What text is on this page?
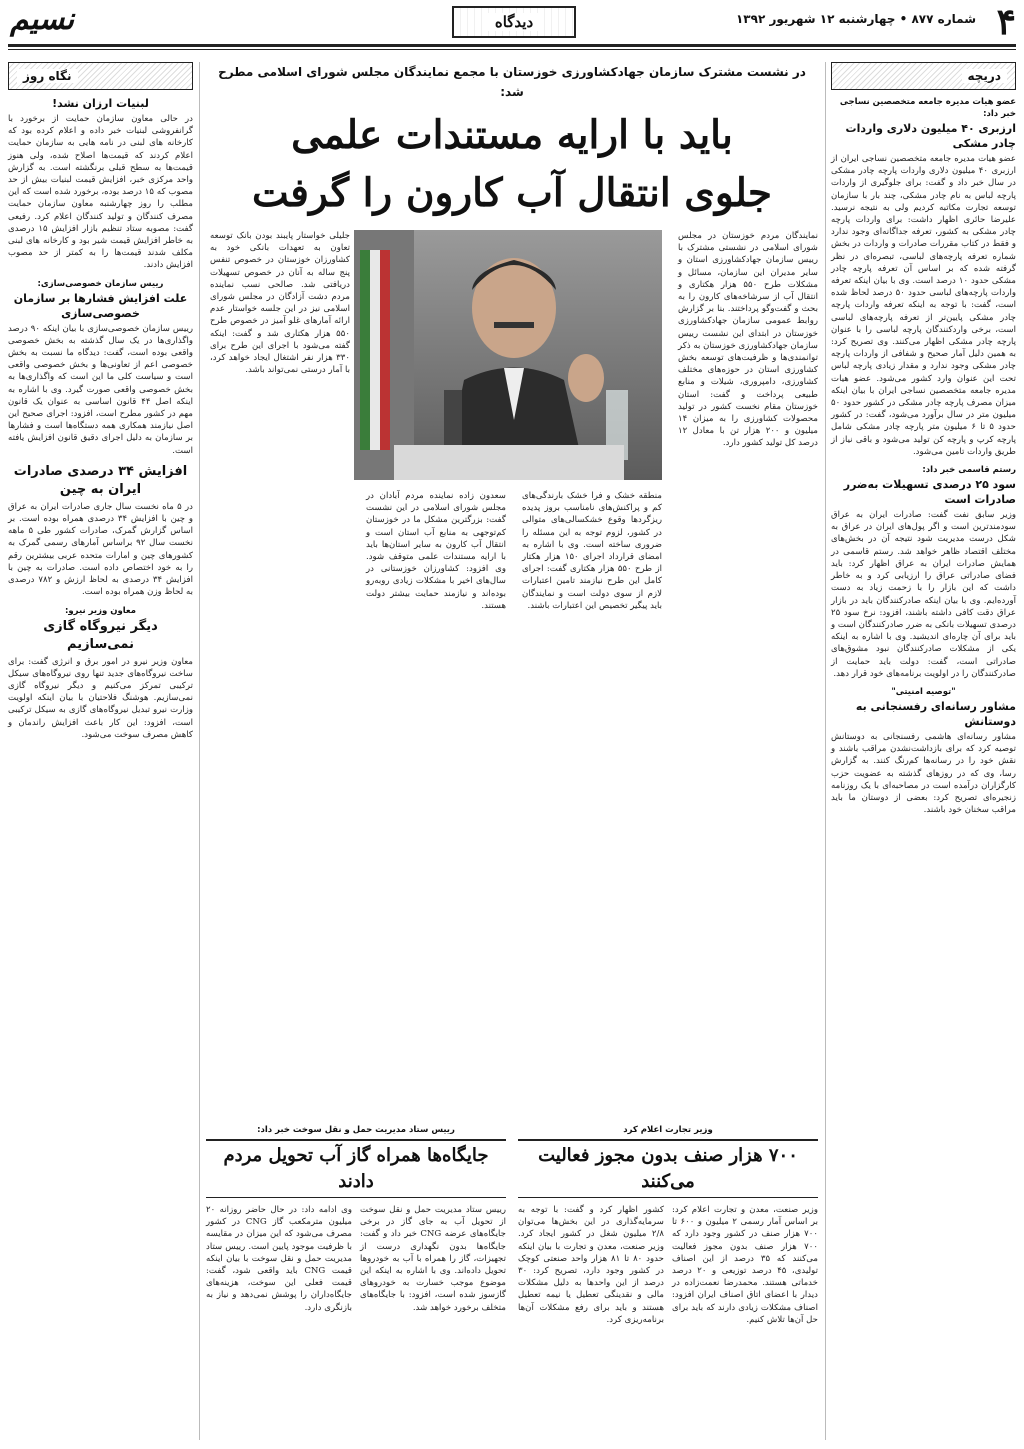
۴
شماره ۸۷۷ • چهارشنبه ۱۲ شهریور ۱۳۹۲
دیدگاه
نسیم
دریچه
عضو هیات مدیره جامعه متخصصین نساجی خبر داد:
ارزبری ۴۰ میلیون دلاری واردات چادر مشکی
عضو هیات مدیره جامعه متخصصین نساجی ایران از ارزبری ۴۰ میلیون دلاری واردات پارچه چادر مشکی در سال خبر داد و گفت: برای جلوگیری از واردات پارچه لباس به نام چادر مشکی، چند بار با سازمان توسعه تجارت مکاتبه کردیم ولی به نتیجه نرسید. علیرضا حائری اظهار داشت: برای واردات پارچه چادر مشکی به کشور، تعرفه جداگانه‌ای وجود ندارد و فقط در کتاب مقررات صادرات و واردات در بخش شماره تعرفه پارچه‌های لباسی، تبصره‌ای در نظر گرفته شده که بر اساس آن تعرفه پارچه چادر مشکی حدود ۱۰ درصد است. وی با بیان اینکه تعرفه واردات پارچه‌های لباسی حدود ۵۰ درصد لحاظ شده است، گفت: با توجه به اینکه تعرفه واردات پارچه چادر مشکی پایین‌تر از تعرفه پارچه‌های لباسی است، برخی واردکنندگان پارچه لباسی را با عنوان پارچه چادر مشکی اظهار می‌کنند. وی تصریح کرد: به همین دلیل آمار صحیح و شفافی از واردات پارچه چادر مشکی وجود ندارد و مقدار زیادی پارچه لباس تحت این عنوان وارد کشور می‌شود. عضو هیات مدیره جامعه متخصصین نساجی ایران با بیان اینکه میزان مصرف پارچه چادر مشکی در کشور حدود ۵۰ میلیون متر در سال برآورد می‌شود، گفت: در کشور حدود ۵ تا ۶ میلیون متر پارچه چادر مشکی شامل پارچه کرپ و پارچه کن تولید می‌شود و باقی نیاز از طریق واردات تامین می‌شود.
رستم قاسمی خبر داد:
سود ۲۵ درصدی تسهیلات به‌ضرر صادرات است
وزیر سابق نفت گفت: صادرات ایران به عراق سودمندترین است و اگر پول‌های ایران در عراق به شکل درست مدیریت شود نتیجه آن در بخش‌های مختلف اقتصاد ظاهر خواهد شد. رستم قاسمی در همایش صادرات ایران به عراق اظهار کرد: باید فضای صادراتی عراق را ارزیابی کرد و به خاطر داشت که این بازار را با زحمت زیاد به دست آورده‌ایم. وی با بیان اینکه صادرکنندگان باید در بازار عراق دقت کافی داشته باشند، افزود: نرخ سود ۲۵ درصدی تسهیلات بانکی به ضرر صادرکنندگان است و باید برای آن چاره‌ای اندیشید. وی با اشاره به اینکه یکی از مشکلات صادرکنندگان نبود مشوق‌های صادراتی است، گفت: دولت باید حمایت از صادرکنندگان را در اولویت برنامه‌های خود قرار دهد.
"توصیه امنیتی"
مشاور رسانه‌ای رفسنجانی به دوستانش
مشاور رسانه‌ای هاشمی رفسنجانی به دوستانش توصیه کرد که برای بازداشت‌نشدن مراقب باشند و نقش خود را در رسانه‌ها کم‌رنگ کنند. به گزارش رسا، وی که در روزهای گذشته به عضویت حزب کارگزاران درآمده است در مصاحبه‌ای با یک روزنامه زنجیره‌ای تصریح کرد: بعضی از دوستان ما باید مراقب سخنان خود باشند.
نگاه روز
لبنیات ارزان نشد!
در حالی معاون سازمان حمایت از برخورد با گرانفروشی لبنیات خبر داده و اعلام کرده بود که کارخانه های لبنی در نامه هایی به سازمان حمایت اعلام کردند که قیمت‌ها اصلاح شده، ولی هنوز قیمت‌ها به سطح قبلی برنگشته است. به گزارش واحد مرکزی خبر، افزایش قیمت لبنیات بیش از حد مصوب که ۱۵ درصد بوده، برخورد شده است که این مطلب را روز چهارشنبه معاون سازمان حمایت مصرف کنندگان و تولید کنندگان اعلام کرد. رفیعی گفت: مصوبه ستاد تنظیم بازار افزایش ۱۵ درصدی به خاطر افزایش قیمت شیر بود و کارخانه های لبنی مکلف شدند قیمت‌ها را به کمتر از حد مصوب افزایش دادند.
رییس سازمان خصوصی‌سازی:
علت افزایش فشارها بر سازمان خصوصی‌سازی
رییس سازمان خصوصی‌سازی با بیان اینکه ۹۰ درصد واگذاری‌ها در یک سال گذشته به بخش خصوصی واقعی بوده است، گفت: دیدگاه ما نسبت به بخش خصوصی اعم از تعاونی‌ها و بخش خصوصی واقعی است و سیاست کلی ما این است که واگذاری‌ها به بخش خصوصی واقعی صورت گیرد. وی با اشاره به اینکه اصل ۴۴ قانون اساسی به عنوان یک قانون مهم در کشور مطرح است، افزود: اجرای صحیح این اصل نیازمند همکاری همه دستگاه‌ها است و فشارها بر سازمان به دلیل اجرای دقیق قانون افزایش یافته است.
افزایش ۳۴ درصدی صادرات ایران به چین
در ۵ ماه نخست سال جاری صادرات ایران به عراق و چین با افزایش ۳۴ درصدی همراه بوده است. بر اساس گزارش گمرک، صادرات کشور طی ۵ ماهه نخست سال ۹۲ براساس آمارهای رسمی گمرک به کشورهای چین و امارات متحده عربی بیشترین رقم را به خود اختصاص داده است. صادرات به چین با افزایش ۳۴ درصدی به لحاظ ارزش و ۷۸۲ درصدی به لحاظ وزن همراه بوده است.
معاون وزیر نیرو:
دیگر نیروگاه گازی نمی‌سازیم
معاون وزیر نیرو در امور برق و انرژی گفت: برای ساخت نیروگاه‌های جدید تنها روی نیروگاه‌های سیکل ترکیبی تمرکز می‌کنیم و دیگر نیروگاه گازی نمی‌سازیم. هوشنگ فلاحتیان با بیان اینکه اولویت وزارت نیرو تبدیل نیروگاه‌های گازی به سیکل ترکیبی است، افزود: این کار باعث افزایش راندمان و کاهش مصرف سوخت می‌شود.
در نشست مشترک سازمان جهادکشاورزی خوزستان با مجمع نمایندگان مجلس شورای اسلامی مطرح شد:
باید با ارایه مستندات علمی
جلوی انتقال آب کارون را گرفت
نمایندگان مردم خوزستان در مجلس شورای اسلامی در نشستی مشترک با رییس سازمان جهادکشاورزی استان و سایر مدیران این سازمان، مسائل و مشکلات طرح ۵۵۰ هزار هکتاری و انتقال آب از سرشاخه‌های کارون را به بحث و گفت‌وگو پرداختند. بنا بر گزارش روابط عمومی سازمان جهادکشاورزی خوزستان در ابتدای این نشست رییس سازمان جهادکشاورزی خوزستان به ذکر توانمندی‌ها و ظرفیت‌های توسعه بخش کشاورزی استان در حوزه‌های مختلف کشاورزی، دامپروری، شیلات و منابع طبیعی پرداخت و گفت: استان خوزستان مقام نخست کشور در تولید محصولات کشاورزی را به میزان ۱۴ میلیون و ۲۰۰ هزار تن با معادل ۱۲ درصد کل تولید کشور دارد.
منطقه خشک و فرا خشک بارندگی‌های کم و پراکنش‌های نامناسب بروز پدیده ریزگردها وقوع خشکسالی‌های متوالی در کشور، لزوم توجه به این مسئله را ضروری ساخته است. وی با اشاره به امضای قرارداد اجرای ۱۵۰ هزار هکتار از طرح ۵۵۰ هزار هکتاری گفت: اجرای کامل این طرح نیازمند تامین اعتبارات لازم از سوی دولت است و نمایندگان باید پیگیر تخصیص این اعتبارات باشند.
سعدون زاده نماینده مردم آبادان در مجلس شورای اسلامی در این نشست گفت: بزرگترین مشکل ما در خوزستان کم‌توجهی به منابع آب استان است و انتقال آب کارون به سایر استان‌ها باید با ارایه مستندات علمی متوقف شود. وی افزود: کشاورزان خوزستانی در سال‌های اخیر با مشکلات زیادی روبه‌رو بوده‌اند و نیازمند حمایت بیشتر دولت هستند.
جلیلی خواستار پایبند بودن بانک توسعه تعاون به تعهدات بانکی خود به کشاورزان خوزستان در خصوص تنفس پنج ساله به آنان در خصوص تسهیلات دریافتی شد. صالحی نسب نماینده مردم دشت آزادگان در مجلس شورای اسلامی نیز در این جلسه خواستار عدم ارائه آمارهای غلو آمیز در خصوص طرح ۵۵۰ هزار هکتاری شد و گفت: اینکه گفته می‌شود با اجرای این طرح برای ۳۳۰ هزار نفر اشتغال ایجاد خواهد کرد، با آمار درستی نمی‌تواند باشد.
وزیر تجارت اعلام کرد
۷۰۰ هزار صنف بدون مجوز فعالیت می‌کنند
وزیر صنعت، معدن و تجارت اعلام کرد: بر اساس آمار رسمی ۲ میلیون و ۶۰۰ تا ۷۰۰ هزار صنف در کشور وجود دارد که ۷۰۰ هزار صنف بدون مجوز فعالیت می‌کنند که ۳۵ درصد از این اصناف تولیدی، ۴۵ درصد توزیعی و ۲۰ درصد خدماتی هستند. محمدرضا نعمت‌زاده در دیدار با اعضای اتاق اصناف ایران افزود: اصناف مشکلات زیادی دارند که باید برای حل آن‌ها تلاش کنیم.
کشور اظهار کرد و گفت: با توجه به سرمایه‌گذاری در این بخش‌ها می‌توان ۲/۸ میلیون شغل در کشور ایجاد کرد. وزیر صنعت، معدن و تجارت با بیان اینکه حدود ۸۰ تا ۸۱ هزار واحد صنعتی کوچک در کشور وجود دارد، تصریح کرد: ۳۰ درصد از این واحدها به دلیل مشکلات مالی و نقدینگی تعطیل یا نیمه تعطیل هستند و باید برای رفع مشکلات آن‌ها برنامه‌ریزی کرد.
رییس ستاد مدیریت حمل و نقل سوخت خبر داد:
جایگاه‌ها همراه گاز آب تحویل مردم دادند
رییس ستاد مدیریت حمل و نقل سوخت از تحویل آب به جای گاز در برخی جایگاه‌های عرضه CNG خبر داد و گفت: جایگاه‌ها بدون نگهداری درست از تجهیزات، گاز را همراه با آب به خودروها تحویل داده‌اند. وی با اشاره به اینکه این موضوع موجب خسارت به خودروهای گازسوز شده است، افزود: با جایگاه‌های متخلف برخورد خواهد شد.
وی ادامه داد: در حال حاضر روزانه ۲۰ میلیون مترمکعب گاز CNG در کشور مصرف می‌شود که این میزان در مقایسه با ظرفیت موجود پایین است. رییس ستاد مدیریت حمل و نقل سوخت با بیان اینکه قیمت CNG باید واقعی شود، گفت: قیمت فعلی این سوخت، هزینه‌های جایگاه‌داران را پوشش نمی‌دهد و نیاز به بازنگری دارد.
